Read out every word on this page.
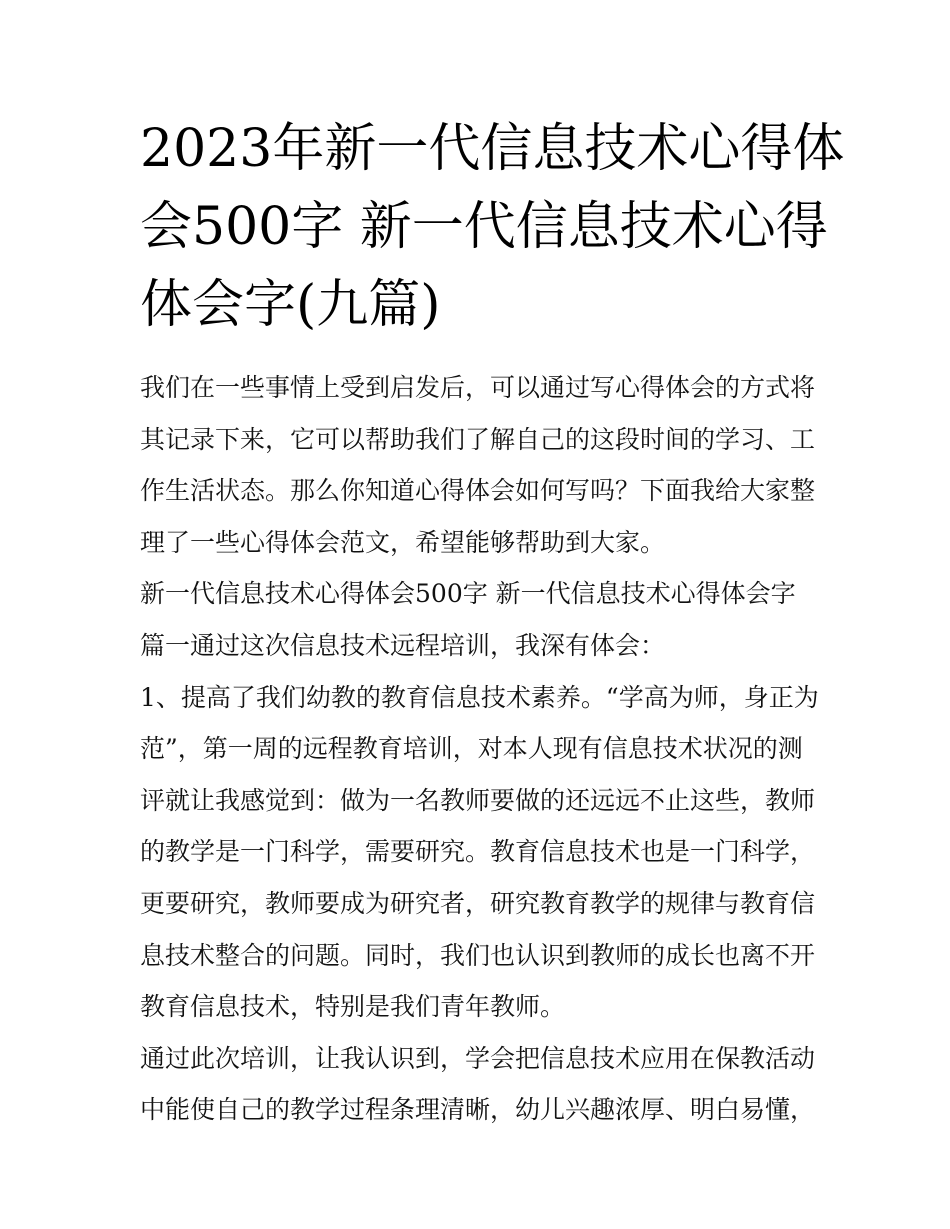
2023年新一代信息技术心得体
会500字 新一代信息技术心得
体会字(九篇)
我们在一些事情上受到启发后，可以通过写心得体会的方式将
其记录下来，它可以帮助我们了解自己的这段时间的学习、工
作生活状态。那么你知道心得体会如何写吗？下面我给大家整
理了一些心得体会范文，希望能够帮助到大家。
新一代信息技术心得体会500字 新一代信息技术心得体会字
篇一通过这次信息技术远程培训，我深有体会：
1、提高了我们幼教的教育信息技术素养。“学高为师，身正为
范”，第一周的远程教育培训，对本人现有信息技术状况的测
评就让我感觉到：做为一名教师要做的还远远不止这些，教师
的教学是一门科学，需要研究。教育信息技术也是一门科学，
更要研究，教师要成为研究者，研究教育教学的规律与教育信
息技术整合的问题。同时，我们也认识到教师的成长也离不开
教育信息技术，特别是我们青年教师。
通过此次培训，让我认识到，学会把信息技术应用在保教活动
中能使自己的教学过程条理清晰，幼儿兴趣浓厚、明白易懂，
